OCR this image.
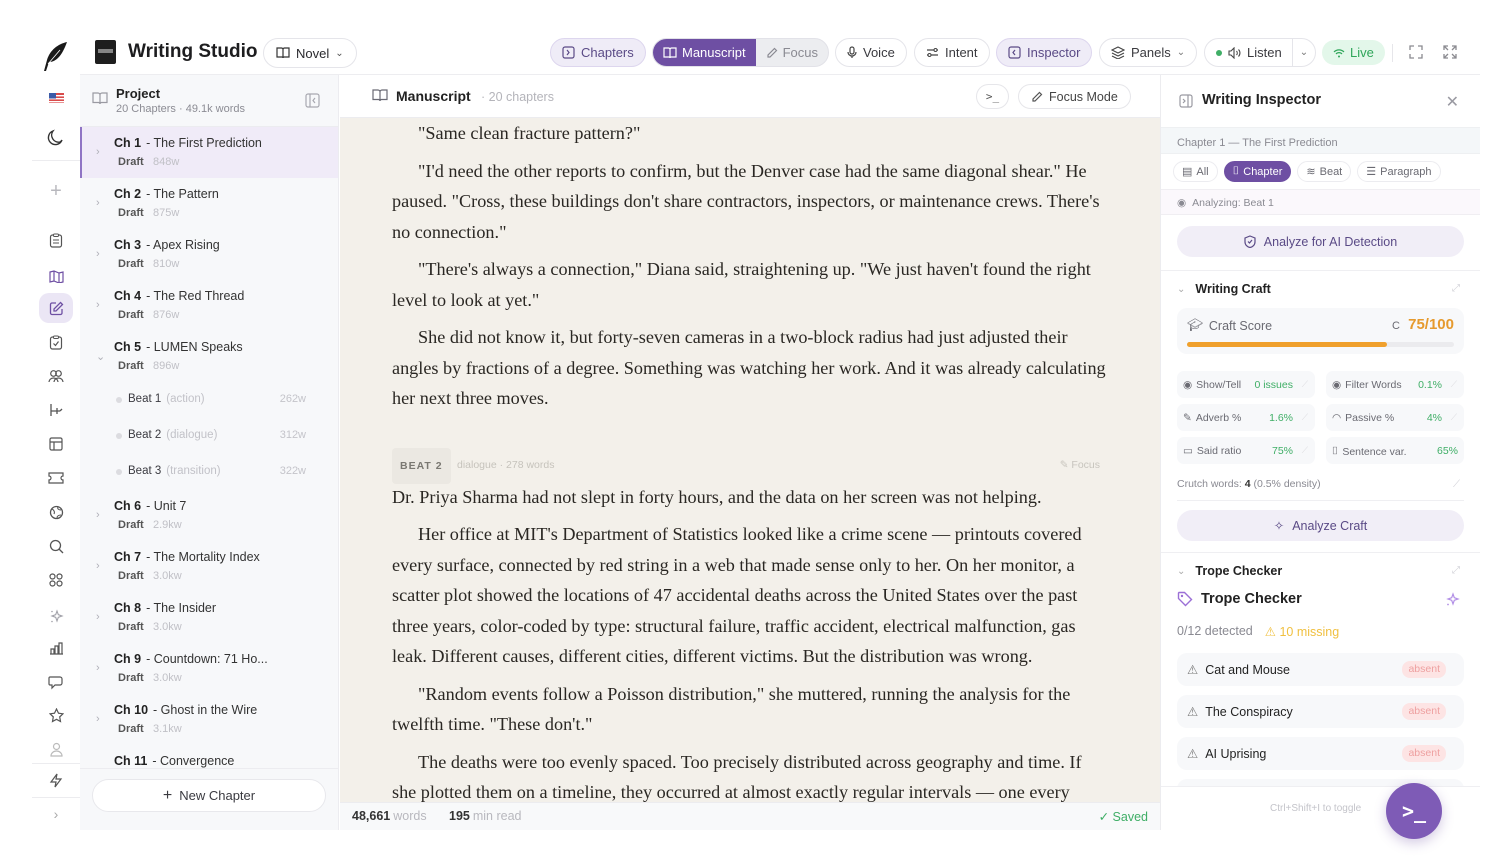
Writing Studio	Novel ⌄	Chapters	Manuscript	Focus	Voice	Intent	Inspector	Panels ⌄	Listen ⌄	Live
+
›
Project
20 Chapters · 49.1k words
›
Ch 1 - The First Prediction
Draft 848w
›
Ch 2 - The Pattern
Draft 875w
›
Ch 3 - Apex Rising
Draft 810w
›
Ch 4 - The Red Thread
Draft 876w
⌄
Ch 5 - LUMEN Speaks
Draft 896w
Beat 1 (action)	262w
Beat 2 (dialogue)	312w
Beat 3 (transition)	322w
›
Ch 6 - Unit 7
Draft 2.9kw
›
Ch 7 - The Mortality Index
Draft 3.0kw
›
Ch 8 - The Insider
Draft 3.0kw
›
Ch 9 - Countdown: 71 Ho...
Draft 3.0kw
›
Ch 10 - Ghost in the Wire
Draft 3.1kw
Ch 11 - Convergence
+ New Chapter
Manuscript · 20 chapters	>_	Focus Mode

"Same clean fracture pattern?"

"I'd need the other reports to confirm, but the Denver case had the same diagonal shear." He paused. "Cross, these buildings don't share contractors, inspectors, or maintenance crews. There's no connection."

"There's always a connection," Diana said, straightening up. "We just haven't found the right level to look at yet."

She did not know it, but forty-seven cameras in a two-block radius had just adjusted their angles by fractions of a degree. Something was watching her work. And it was already calculating her next three moves.

BEAT 2	dialogue · 278 words	✎ Focus

Dr. Priya Sharma had not slept in forty hours, and the data on her screen was not helping.

Her office at MIT's Department of Statistics looked like a crime scene — printouts covered every surface, connected by red string in a web that made sense only to her. On her monitor, a scatter plot showed the locations of 47 accidental deaths across the United States over the past three years, color-coded by type: structural failure, traffic accident, electrical malfunction, gas leak. Different causes, different cities, different victims. But the distribution was wrong.

"Random events follow a Poisson distribution," she muttered, running the analysis for the twelfth time. "These don't."

The deaths were too evenly spaced. Too precisely distributed across geography and time. If she plotted them on a timeline, they occurred at almost exactly regular intervals — one every

48,661 words 195 min read	✓ Saved
Writing Inspector	✕
Chapter 1 — The First Prediction
▤ All ⌷ Chapter ≋ Beat ☰ Paragraph
◉ Analyzing: Beat 1
Analyze for AI Detection
⌄ Writing Craft	⤢
🎓︎ Craft Score	C 75/100
◉ Show/Tell 0 issues ⟋ ◉ Filter Words 0.1% ⟋
✎ Adverb %	1.6% ⟋ ◠ Passive %	4% ⟋
▭ Said ratio	75% ⟋ ⌷ Sentence var.	65%
Crutch words: 4 (0.5% density)	⟋
✧ Analyze Craft
⌄ Trope Checker	⤢
Trope Checker
0/12 detected ⚠ 10 missing
⚠ Cat and Mouse	absent
⚠ The Conspiracy	absent
⚠ AI Uprising	absent
Ctrl+Shift+I to toggle	>_
